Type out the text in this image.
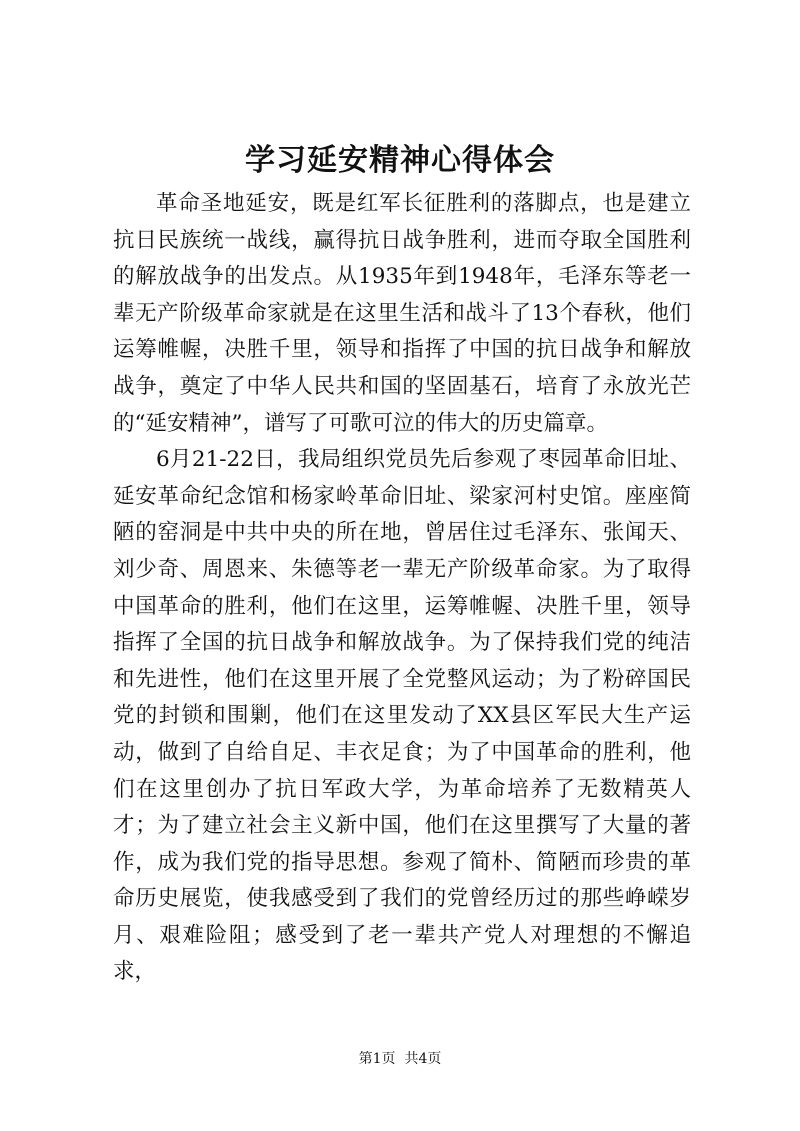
学习延安精神心得体会

革命圣地延安，既是红军长征胜利的落脚点，也是建立抗日民族统一战线，赢得抗日战争胜利，进而夺取全国胜利的解放战争的出发点。从1935年到1948年，毛泽东等老一辈无产阶级革命家就是在这里生活和战斗了13个春秋，他们运筹帷幄，决胜千里，领导和指挥了中国的抗日战争和解放战争，奠定了中华人民共和国的坚固基石，培育了永放光芒的“延安精神”，谱写了可歌可泣的伟大的历史篇章。

6月21-22日，我局组织党员先后参观了枣园革命旧址、延安革命纪念馆和杨家岭革命旧址、梁家河村史馆。座座简陋的窑洞是中共中央的所在地，曾居住过毛泽东、张闻天、刘少奇、周恩来、朱德等老一辈无产阶级革命家。为了取得中国革命的胜利，他们在这里，运筹帷幄、决胜千里，领导指挥了全国的抗日战争和解放战争。为了保持我们党的纯洁和先进性，他们在这里开展了全党整风运动；为了粉碎国民党的封锁和围剿，他们在这里发动了XX县区军民大生产运动，做到了自给自足、丰衣足食；为了中国革命的胜利，他们在这里创办了抗日军政大学，为革命培养了无数精英人才；为了建立社会主义新中国，他们在这里撰写了大量的著作，成为我们党的指导思想。参观了简朴、简陋而珍贵的革命历史展览，使我感受到了我们的党曾经历过的那些峥嵘岁月、艰难险阻；感受到了老一辈共产党人对理想的不懈追求，

第1页  共4页
